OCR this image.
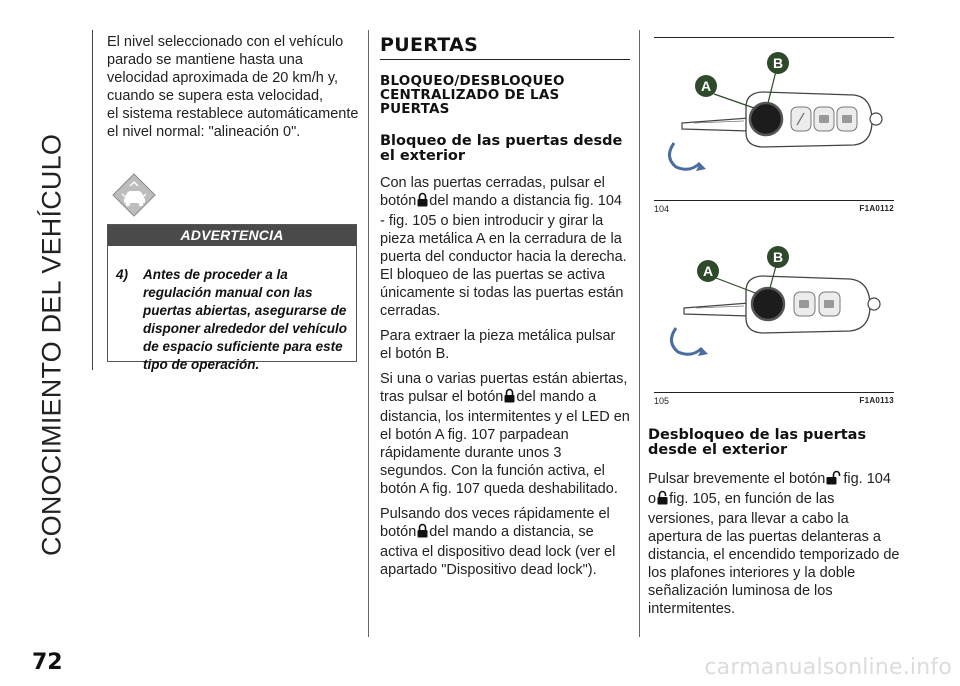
CONOCIMIENTO DEL VEHÍCULO
72
El nivel seleccionado con el vehículo
parado se mantiene hasta una
velocidad aproximada de 20 km/h y,
cuando se supera esta velocidad,
el sistema restablece automáticamente
el nivel normal: "alineación 0".
ADVERTENCIA
4) Antes de proceder a la regulación manual con las puertas abiertas, asegurarse de disponer alrededor del vehículo de espacio suficiente para este tipo de operación.
PUERTAS
BLOQUEO/DESBLOQUEO CENTRALIZADO DE LAS PUERTAS
Bloqueo de las puertas desde el exterior

Con las puertas cerradas, pulsar el botón del mando a distancia fig. 104 - fig. 105 o bien introducir y girar la pieza metálica A en la cerradura de la puerta del conductor hacia la derecha. El bloqueo de las puertas se activa únicamente si todas las puertas están cerradas.

Para extraer la pieza metálica pulsar el botón B.

Si una o varias puertas están abiertas, tras pulsar el botón del mando a distancia, los intermitentes y el LED en el botón A fig. 107 parpadean rápidamente durante unos 3 segundos. Con la función activa, el botón A fig. 107 queda deshabilitado.

Pulsando dos veces rápidamente el botón del mando a distancia, se activa el dispositivo dead lock (ver el apartado "Dispositivo dead lock").

A
B
104	F1A0112
A
B
105	F1A0113
Desbloqueo de las puertas desde el exterior
Pulsar brevemente el botón fig. 104 o fig. 105, en función de las versiones, para llevar a cabo la apertura de las puertas delanteras a distancia, el encendido temporizado de los plafones interiores y la doble señalización luminosa de los intermitentes.
carmanualsonline.info
